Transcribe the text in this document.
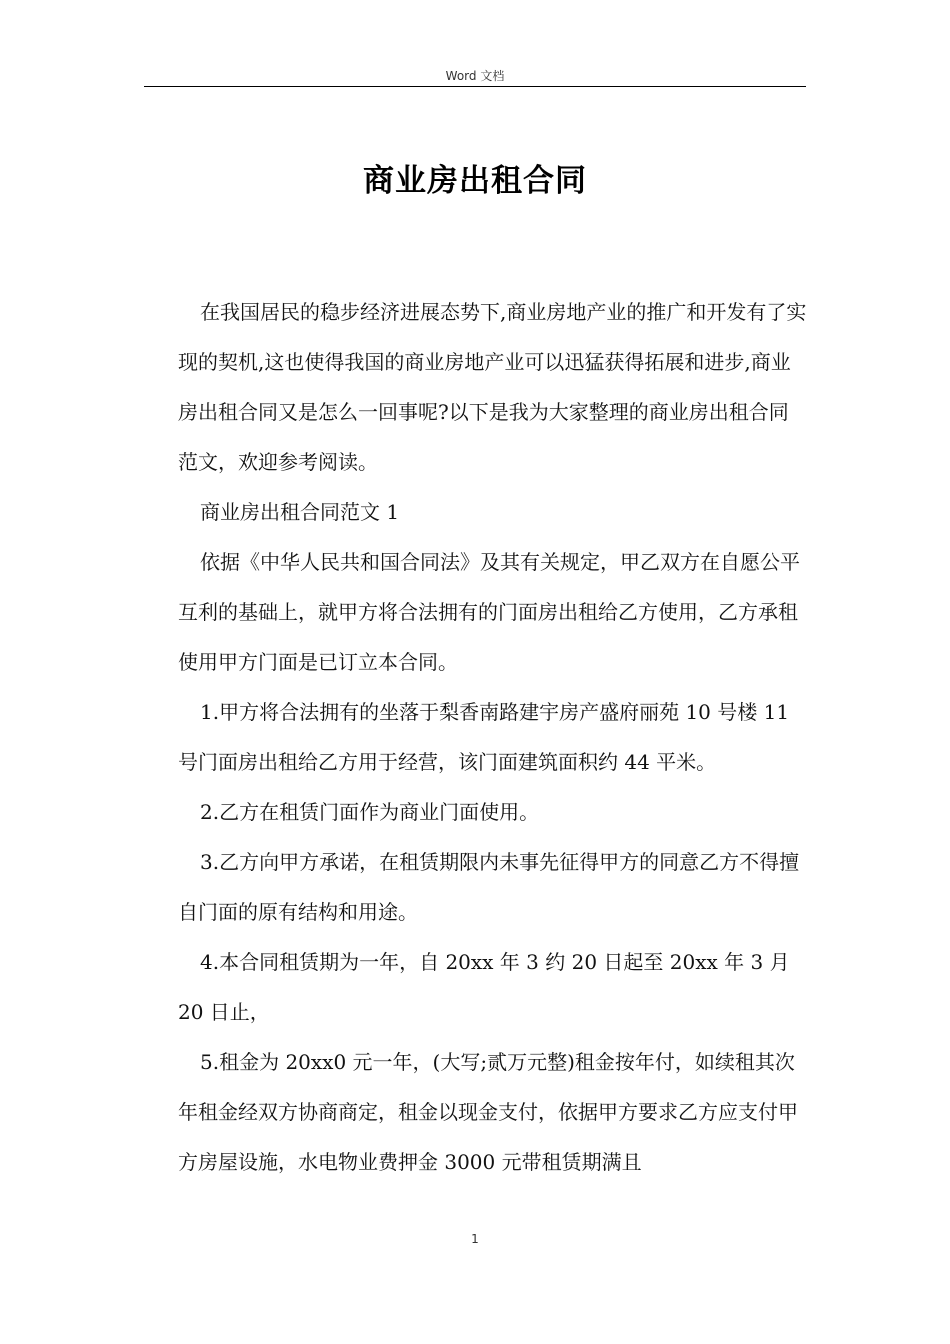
Word 文档
商业房出租合同

在我国居民的稳步经济进展态势下,商业房地产业的推广和开发有了实现的契机,这也使得我国的商业房地产业可以迅猛获得拓展和进步,商业房出租合同又是怎么一回事呢?以下是我为大家整理的商业房出租合同范文，欢迎参考阅读。

商业房出租合同范文 1

依据《中华人民共和国合同法》及其有关规定，甲乙双方在自愿公平互利的基础上，就甲方将合法拥有的门面房出租给乙方使用，乙方承租使用甲方门面是已订立本合同。

1.甲方将合法拥有的坐落于梨香南路建宇房产盛府丽苑 10 号楼 11 号门面房出租给乙方用于经营，该门面建筑面积约 44 平米。

2.乙方在租赁门面作为商业门面使用。

3.乙方向甲方承诺，在租赁期限内未事先征得甲方的同意乙方不得擅自门面的原有结构和用途。

4.本合同租赁期为一年，自 20xx 年 3 约 20 日起至 20xx 年 3 月 20 日止，

5.租金为 20xx0 元一年，(大写;贰万元整)租金按年付，如续租其次年租金经双方协商商定，租金以现金支付，依据甲方要求乙方应支付甲方房屋设施，水电物业费押金 3000 元带租赁期满且

1
